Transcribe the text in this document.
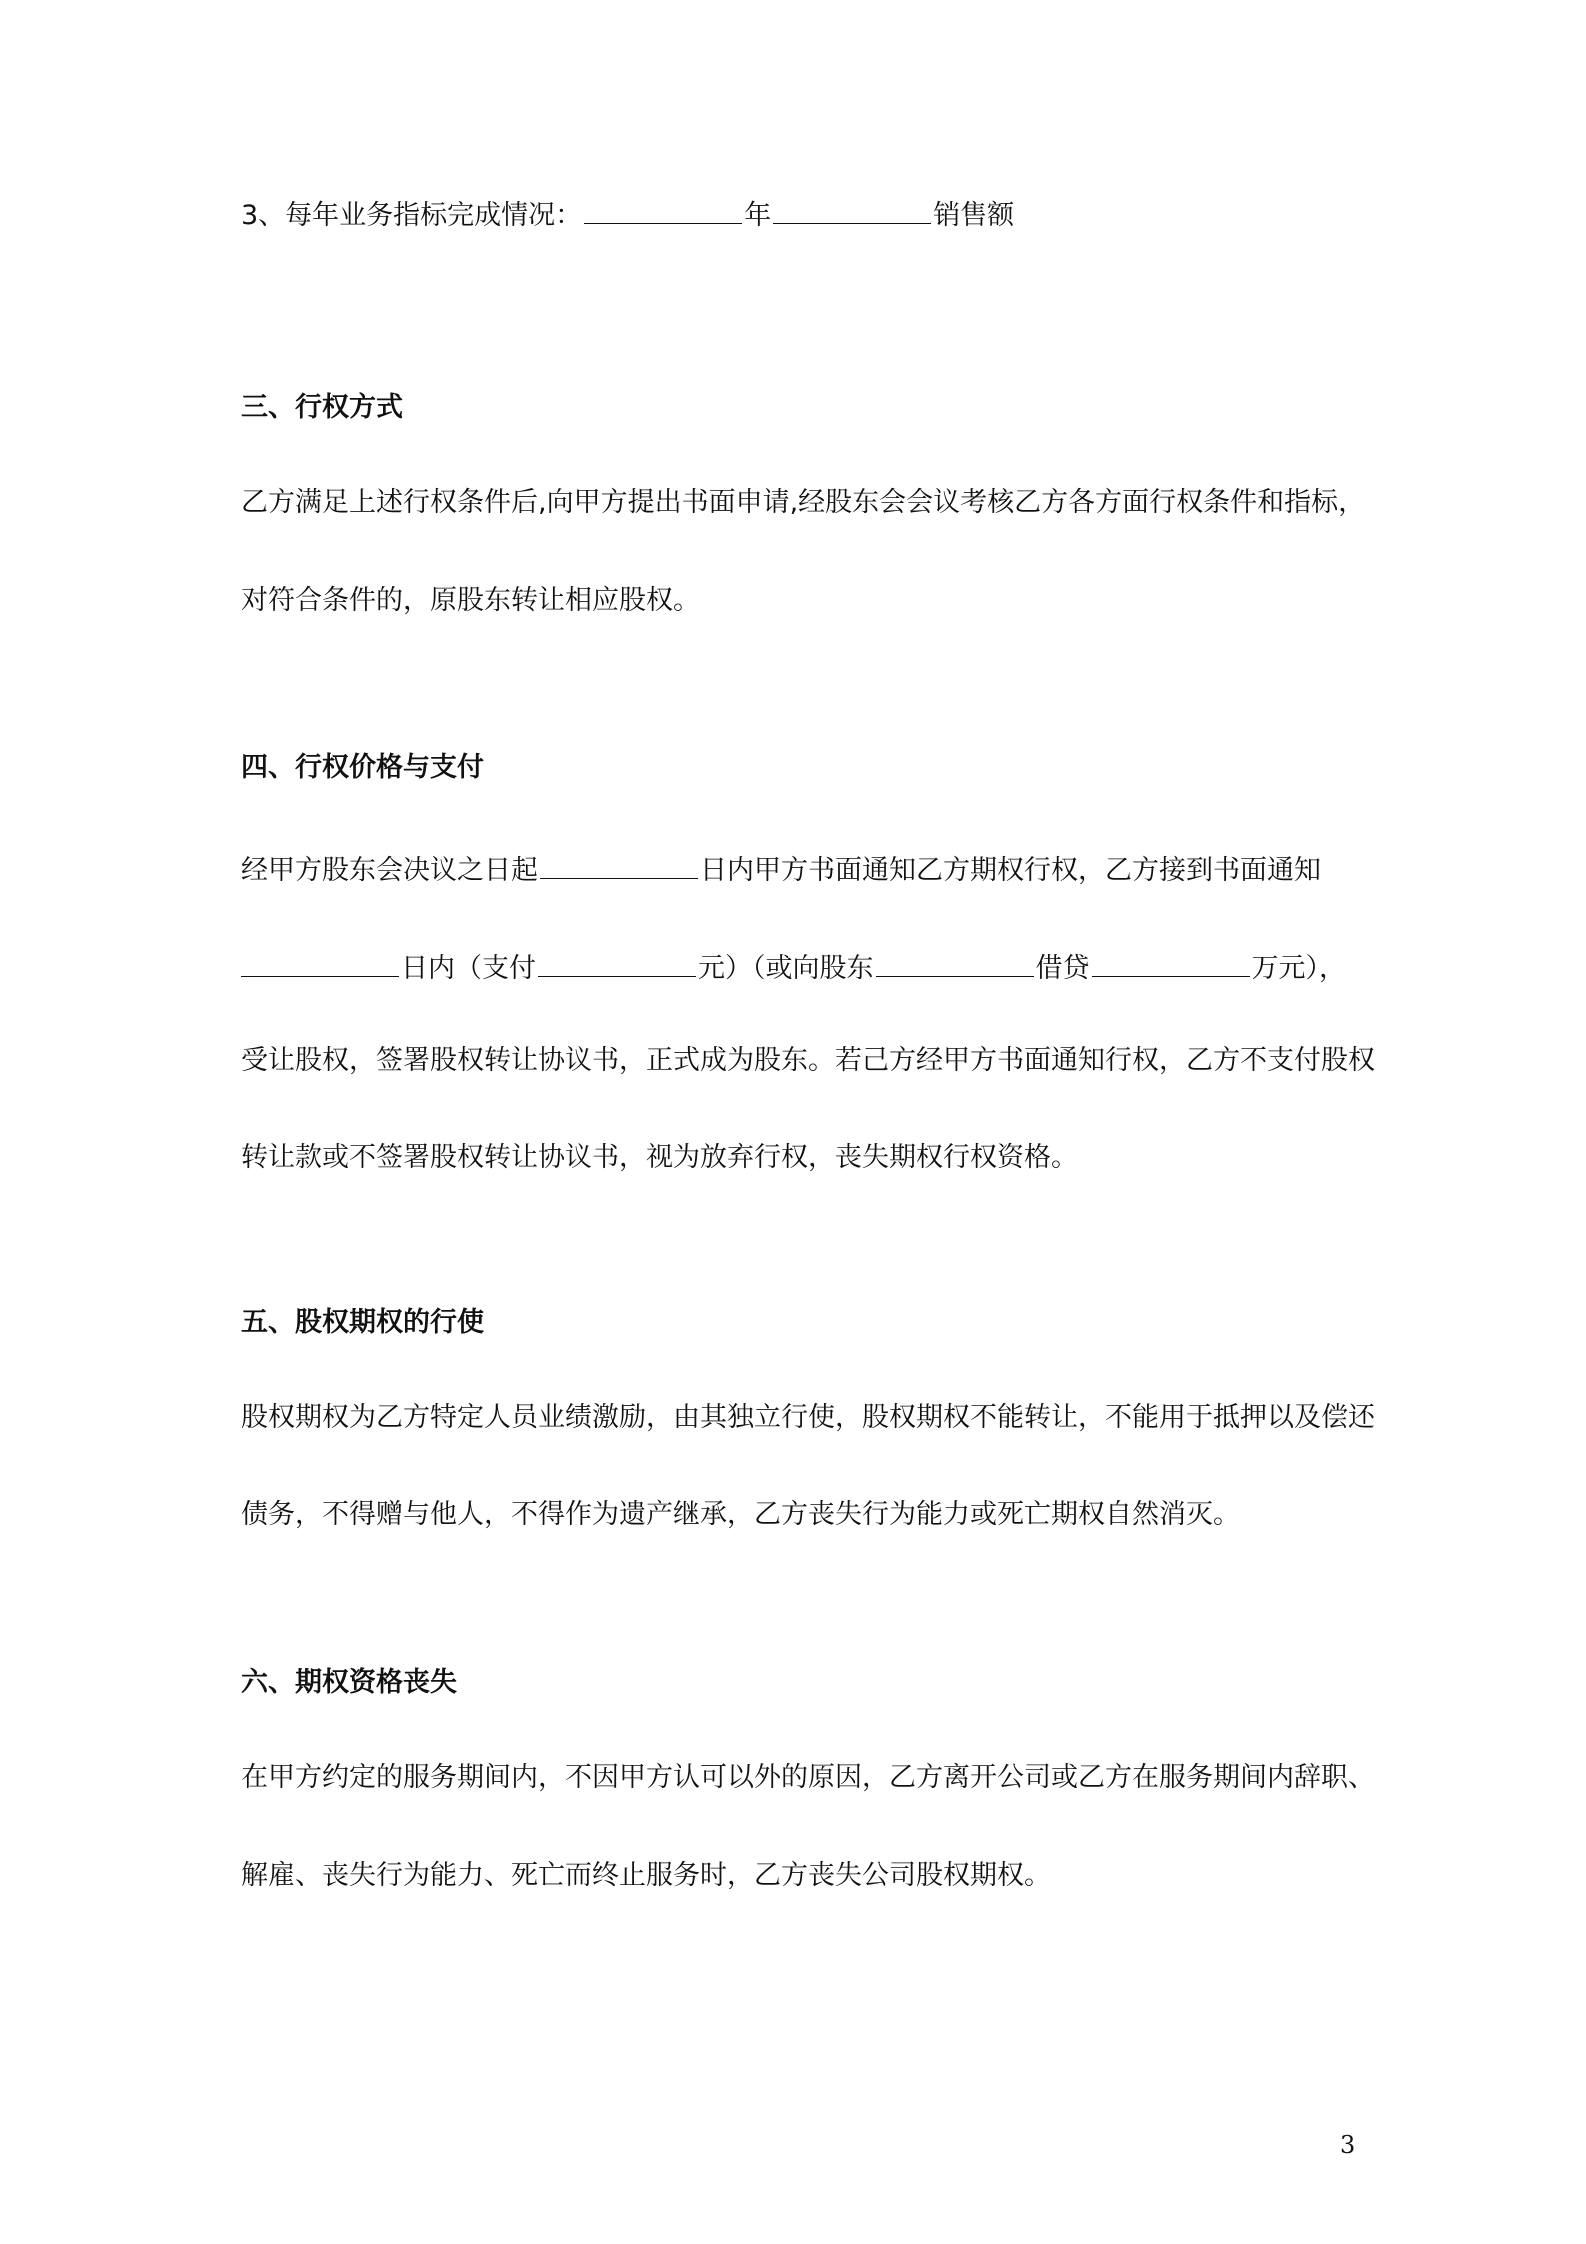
3、每年业务指标完成情况：	年	销售额
三、行权方式
乙方满足上述行权条件后,向甲方提出书面申请,经股东会会议考核乙方各方面行权条件和指标，
对符合条件的，原股东转让相应股权。
四、行权价格与支付
经甲方股东会决议之日起	日内甲方书面通知乙方期权行权，乙方接到书面通知
日内（支付	元）（或向股东	借贷	万元），
受让股权，签署股权转让协议书，正式成为股东。若己方经甲方书面通知行权，乙方不支付股权
转让款或不签署股权转让协议书，视为放弃行权，丧失期权行权资格。
五、股权期权的行使
股权期权为乙方特定人员业绩激励，由其独立行使，股权期权不能转让，不能用于抵押以及偿还
债务，不得赠与他人，不得作为遗产继承，乙方丧失行为能力或死亡期权自然消灭。
六、期权资格丧失
在甲方约定的服务期间内，不因甲方认可以外的原因，乙方离开公司或乙方在服务期间内辞职、
解雇、丧失行为能力、死亡而终止服务时，乙方丧失公司股权期权。
3
